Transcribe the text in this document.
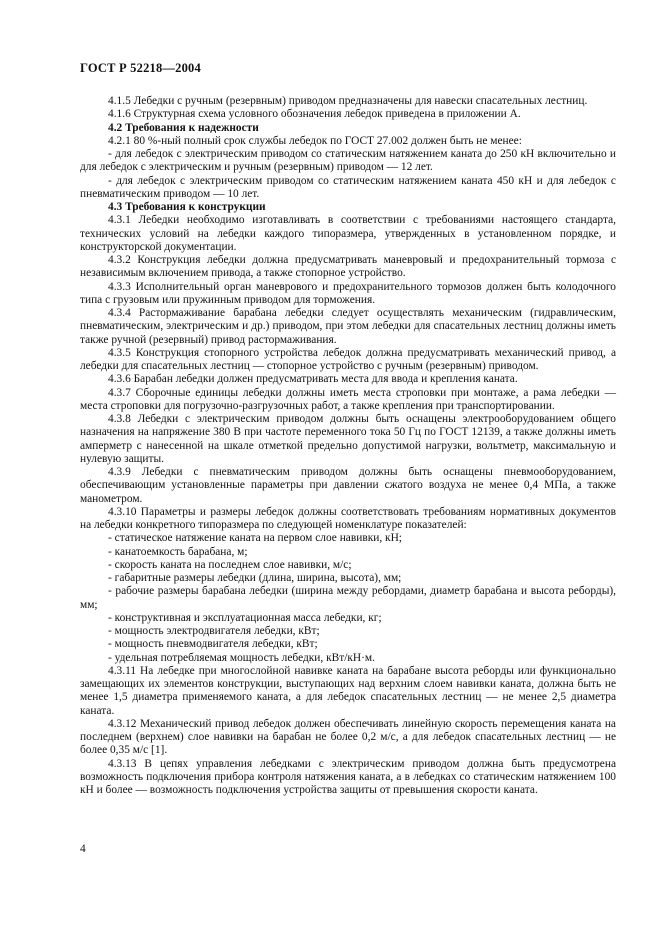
ГОСТ Р 52218—2004

4.1.5 Лебедки с ручным (резервным) приводом предназначены для навески спасательных лестниц.

4.1.6 Структурная схема условного обозначения лебедок приведена в приложении А.

4.2 Требования к надежности

4.2.1 80 %-ный полный срок службы лебедок по ГОСТ 27.002 должен быть не менее:

- для лебедок с электрическим приводом со статическим натяжением каната до 250 кН включительно и для лебедок с электрическим и ручным (резервным) приводом — 12 лет.

- для лебедок с электрическим приводом со статическим натяжением каната 450 кН и для лебедок с пневматическим приводом — 10 лет.

4.3 Требования к конструкции

4.3.1 Лебедки необходимо изготавливать в соответствии с требованиями настоящего стандарта, технических условий на лебедки каждого типоразмера, утвержденных в установленном порядке, и конструкторской документации.

4.3.2 Конструкция лебедки должна предусматривать маневровый и предохранительный тормоза с независимым включением привода, а также стопорное устройство.

4.3.3 Исполнительный орган маневрового и предохранительного тормозов должен быть колодочного типа с грузовым или пружинным приводом для торможения.

4.3.4 Растормаживание барабана лебедки следует осуществлять механическим (гидравлическим, пневматическим, электрическим и др.) приводом, при этом лебедки для спасательных лестниц должны иметь также ручной (резервный) привод растормаживания.

4.3.5 Конструкция стопорного устройства лебедок должна предусматривать механический привод, а лебедки для спасательных лестниц — стопорное устройство с ручным (резервным) приводом.

4.3.6 Барабан лебедки должен предусматривать места для ввода и крепления каната.

4.3.7 Сборочные единицы лебедки должны иметь места строповки при монтаже, а рама лебедки — места строповки для погрузочно-разгрузочных работ, а также крепления при транспортировании.

4.3.8 Лебедки с электрическим приводом должны быть оснащены электрооборудованием общего назначения на напряжение 380 В при частоте переменного тока 50 Гц по ГОСТ 12139, а также должны иметь амперметр с нанесенной на шкале отметкой предельно допустимой нагрузки, вольтметр, максимальную и нулевую защиты.

4.3.9 Лебедки с пневматическим приводом должны быть оснащены пневмооборудованием, обеспечивающим установленные параметры при давлении сжатого воздуха не менее 0,4 МПа, а также манометром.

4.3.10 Параметры и размеры лебедок должны соответствовать требованиям нормативных документов на лебедки конкретного типоразмера по следующей номенклатуре показателей:

- статическое натяжение каната на первом слое навивки, кН;

- канатоемкость барабана, м;

- скорость каната на последнем слое навивки, м/с;

- габаритные размеры лебедки (длина, ширина, высота), мм;

- рабочие размеры барабана лебедки (ширина между ребордами, диаметр барабана и высота реборды), мм;

- конструктивная и эксплуатационная масса лебедки, кг;

- мощность электродвигателя лебедки, кВт;

- мощность пневмодвигателя лебедки, кВт;

- удельная потребляемая мощность лебедки, кВт/кН·м.

4.3.11 На лебедке при многослойной навивке каната на барабане высота реборды или функционально замещающих их элементов конструкции, выступающих над верхним слоем навивки каната, должна быть не менее 1,5 диаметра применяемого каната, а для лебедок спасательных лестниц — не менее 2,5 диаметра каната.

4.3.12 Механический привод лебедок должен обеспечивать линейную скорость перемещения каната на последнем (верхнем) слое навивки на барабан не более 0,2 м/с, а для лебедок спасательных лестниц — не более 0,35 м/с [1].

4.3.13 В цепях управления лебедками с электрическим приводом должна быть предусмотрена возможность подключения прибора контроля натяжения каната, а в лебедках со статическим натяжением 100 кН и более — возможность подключения устройства защиты от превышения скорости каната.

4
